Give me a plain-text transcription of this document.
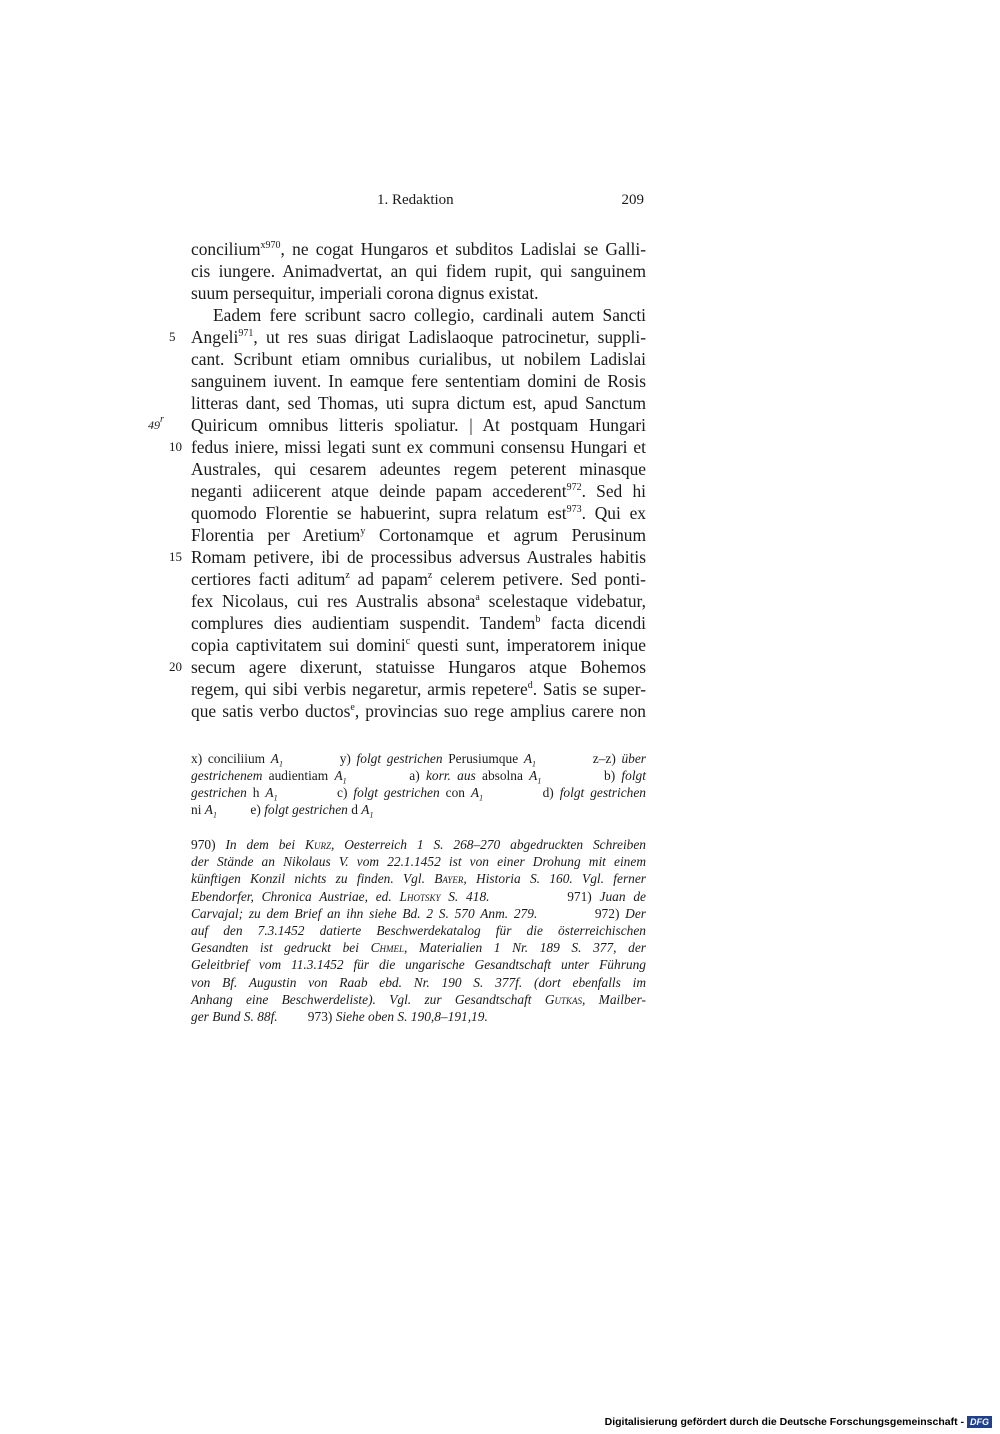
1. Redaktion	209
concilium$^{x970}$, ne cogat Hungaros et subditos Ladislai se Galli-
cis iungere. Animadvertat, an qui fidem rupit, qui sanguinem
suum persequitur, imperiali corona dignus existat.
Eadem fere scribunt sacro collegio, cardinali autem Sancti
Angeli$^{971}$, ut res suas dirigat Ladislaoque patrocinetur, suppli-
5
cant. Scribunt etiam omnibus curialibus, ut nobilem Ladislai
sanguinem iuvent. In eamque fere sententiam domini de Rosis
litteras dant, sed Thomas, uti supra dictum est, apud Sanctum
Quiricum omnibus litteris spoliatur. | At postquam Hungari
49$^r$
fedus iniere, missi legati sunt ex communi consensu Hungari et
10
Australes, qui cesarem adeuntes regem peterent minasque
neganti adiicerent atque deinde papam accederent$^{972}$. Sed hi
quomodo Florentie se habuerint, supra relatum est$^{973}$. Qui ex
Florentia per Aretium$^y$ Cortonamque et agrum Perusinum
Romam petivere, ibi de processibus adversus Australes habitis
15
certiores facti aditum$^z$ ad papam$^z$ celerem petivere. Sed ponti-
fex Nicolaus, cui res Australis absona$^a$ scelestaque videbatur,
complures dies audientiam suspendit. Tandem$^b$ facta dicendi
copia captivitatem sui domini$^c$ questi sunt, imperatorem inique
secum agere dixerunt, statuisse Hungaros atque Bohemos
20
regem, qui sibi verbis negaretur, armis repetere$^d$. Satis se super-
que satis verbo ductos$^e$, provincias suo rege amplius carere non
x) conciliium $A_1$          y) folgt gestrichen Perusiumque $A_1$          z–z) über
gestrichenem audientiam $A_1$          a) korr. aus absolna $A_1$          b) folgt
gestrichen h $A_1$          c) folgt gestrichen con $A_1$          d) folgt gestrichen
ni $A_1$          e) folgt gestrichen d $A_1$
970) In dem bei Kurz, Oesterreich 1 S. 268–270 abgedruckten Schreiben
der Stände an Nikolaus V. vom 22.1.1452 ist von einer Drohung mit einem
künftigen Konzil nichts zu finden. Vgl. Bayer, Historia S. 160. Vgl. ferner
Ebendorfer, Chronica Austriae, ed. Lhotsky S. 418.          971) Juan de
Carvajal; zu dem Brief an ihn siehe Bd. 2 S. 570 Anm. 279.          972) Der
auf den 7.3.1452 datierte Beschwerdekatalog für die österreichischen
Gesandten ist gedruckt bei Chmel, Materialien 1 Nr. 189 S. 377, der
Geleitbrief vom 11.3.1452 für die ungarische Gesandtschaft unter Führung
von Bf. Augustin von Raab ebd. Nr. 190 S. 377f. (dort ebenfalls im
Anhang eine Beschwerdeliste). Vgl. zur Gesandtschaft Gutkas, Mailber-
ger Bund S. 88f.         973) Siehe oben S. 190,8–191,19.
Digitalisierung gefördert durch die Deutsche Forschungsgemeinschaft - DFG
